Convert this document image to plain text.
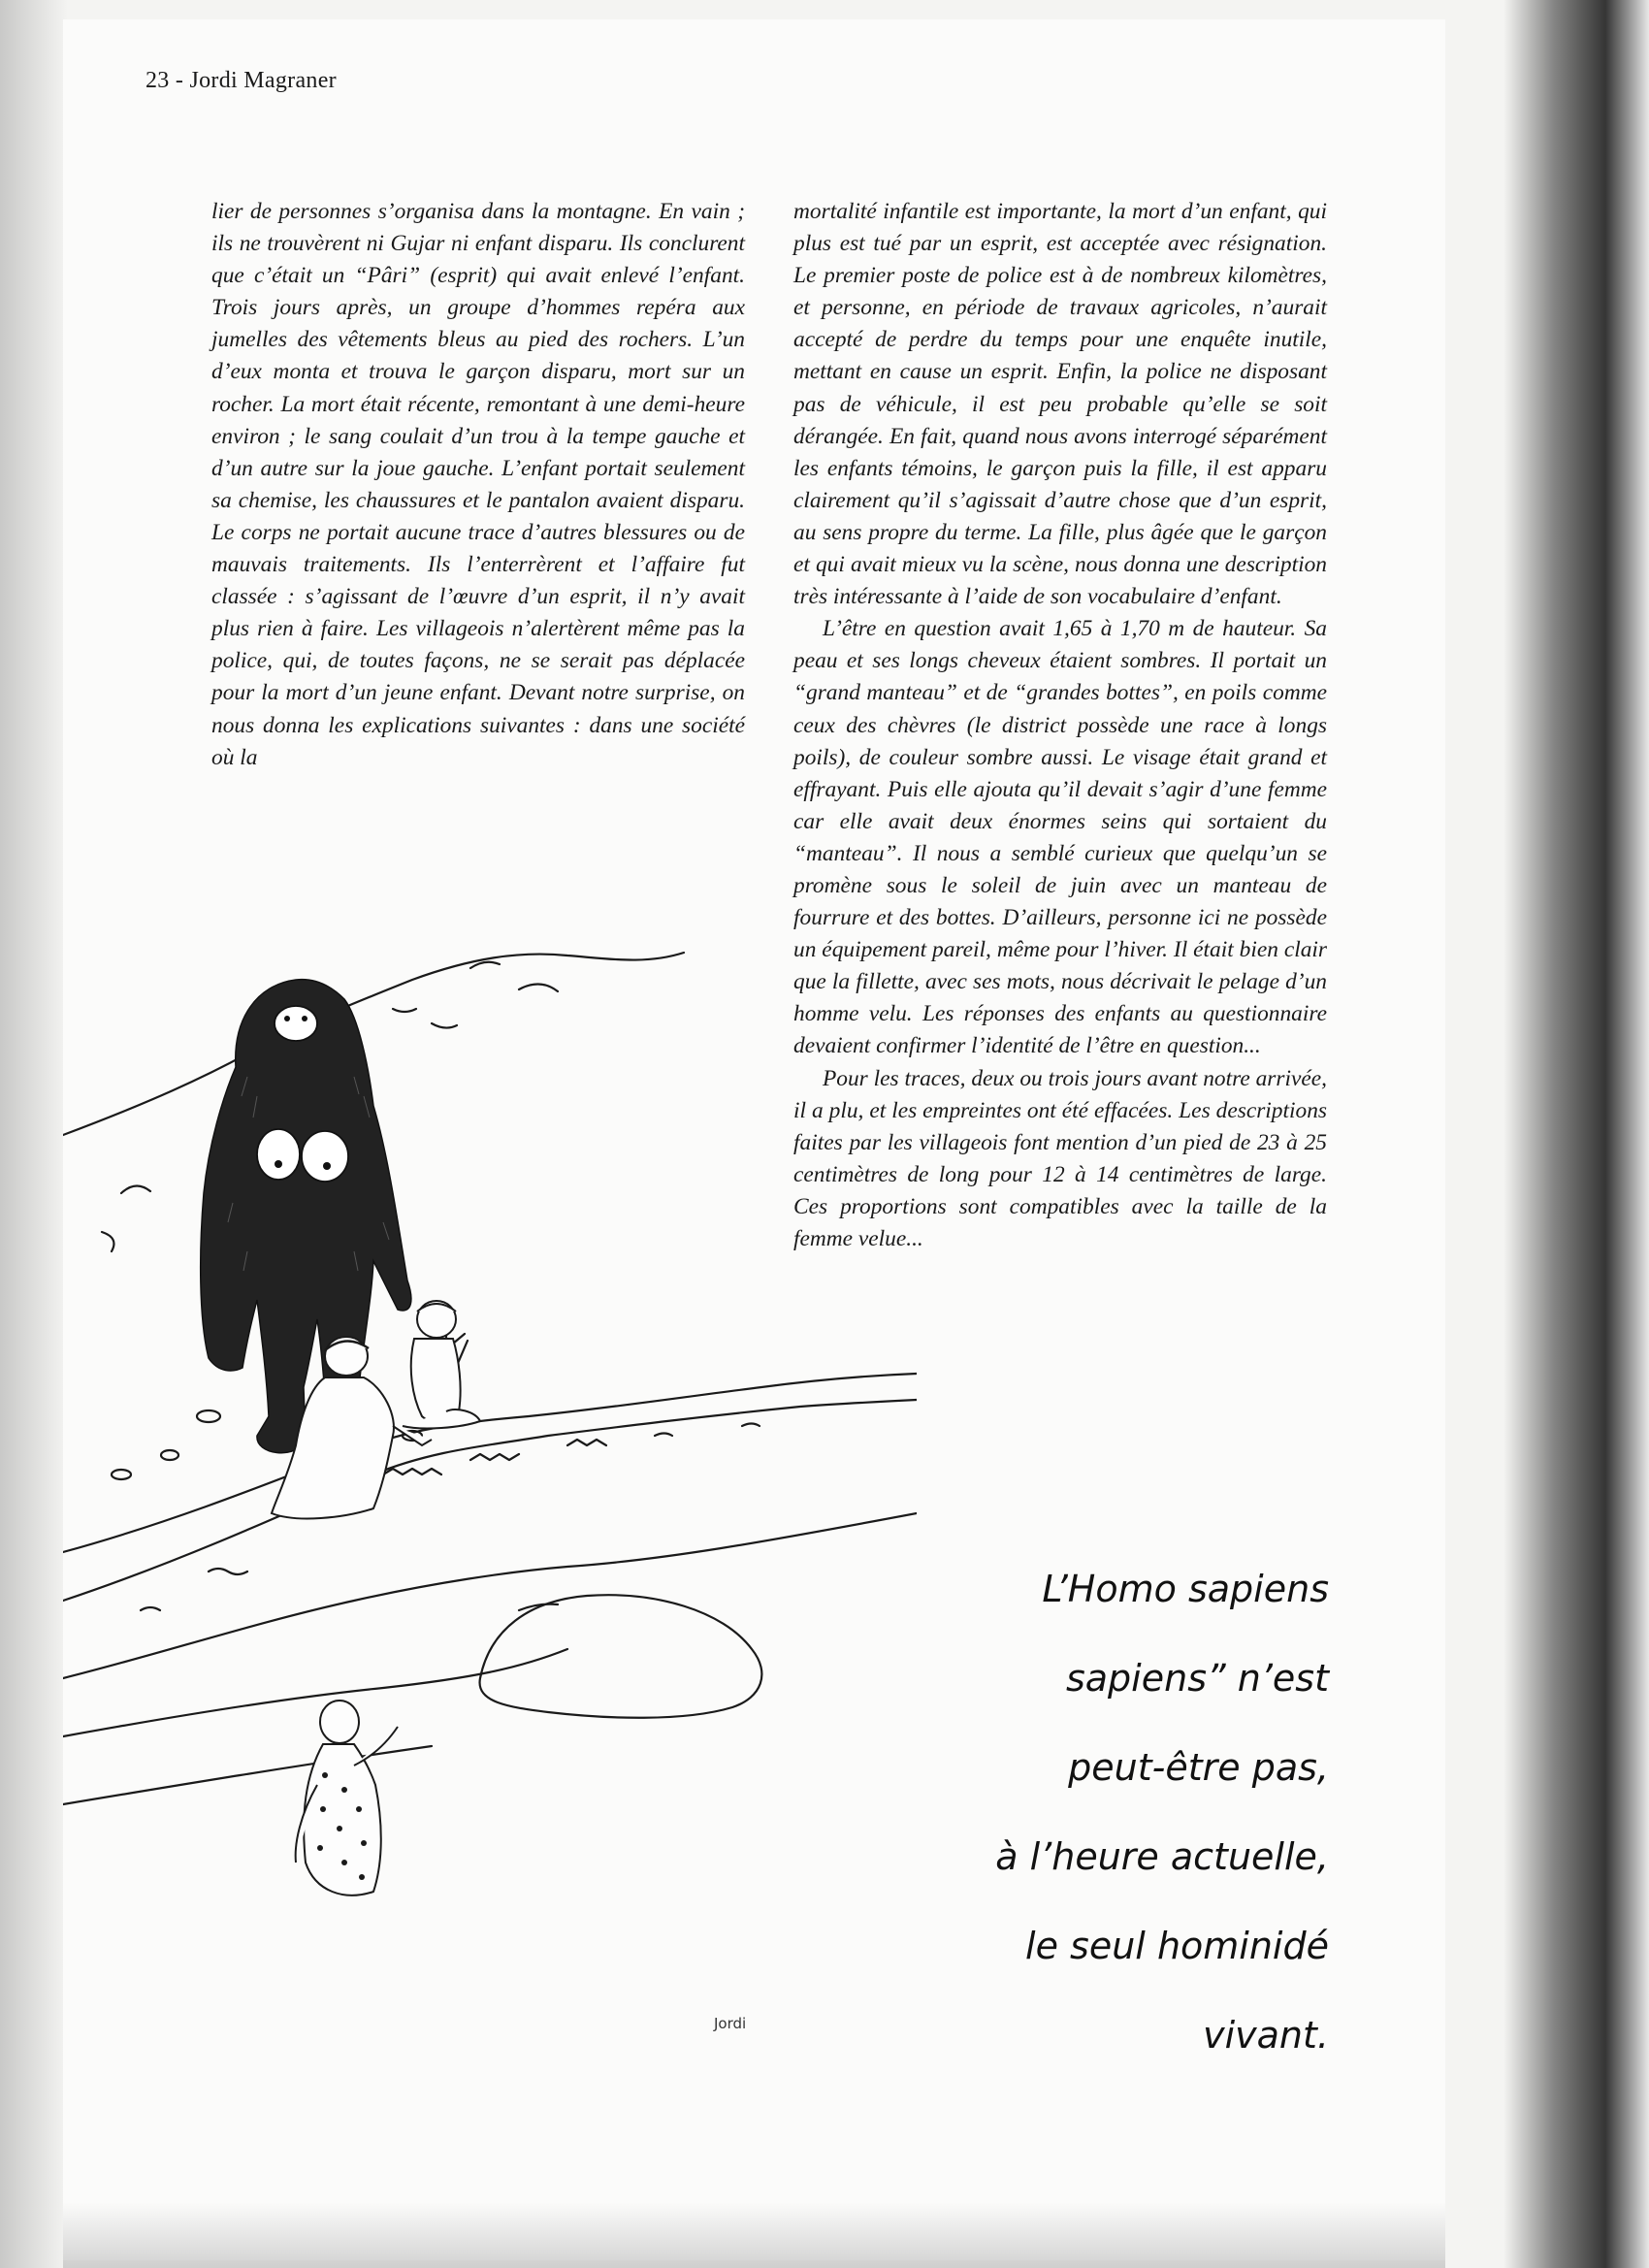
23 - Jordi Magraner

lier de personnes s’organisa dans la montagne. En vain ; ils ne trouvèrent ni Gujar ni enfant disparu. Ils conclurent que c’était un “Pâri” (esprit) qui avait enlevé l’enfant. Trois jours après, un groupe d’hommes repéra aux jumelles des vêtements bleus au pied des rochers. L’un d’eux monta et trouva le garçon disparu, mort sur un rocher. La mort était récente, remontant à une demi-heure environ ; le sang coulait d’un trou à la tempe gauche et d’un autre sur la joue gauche. L’enfant portait seulement sa chemise, les chaussures et le pantalon avaient disparu. Le corps ne portait aucune trace d’autres blessures ou de mauvais traitements. Ils l’enterrèrent et l’affaire fut classée : s’agissant de l’œuvre d’un esprit, il n’y avait plus rien à faire. Les villageois n’alertèrent même pas la police, qui, de toutes façons, ne se serait pas déplacée pour la mort d’un jeune enfant. Devant notre surprise, on nous donna les explications suivantes : dans une société où la

mortalité infantile est importante, la mort d’un enfant, qui plus est tué par un esprit, est acceptée avec résignation. Le premier poste de police est à de nombreux kilomètres, et personne, en période de travaux agricoles, n’aurait accepté de perdre du temps pour une enquête inutile, mettant en cause un esprit. Enfin, la police ne disposant pas de véhicule, il est peu probable qu’elle se soit dérangée. En fait, quand nous avons interrogé séparément les enfants témoins, le garçon puis la fille, il est apparu clairement qu’il s’agissait d’autre chose que d’un esprit, au sens propre du terme. La fille, plus âgée que le garçon et qui avait mieux vu la scène, nous donna une description très intéressante à l’aide de son vocabulaire d’enfant.

L’être en question avait 1,65 à 1,70 m de hauteur. Sa peau et ses longs cheveux étaient sombres. Il portait un “grand manteau” et de “grandes bottes”, en poils comme ceux des chèvres (le district possède une race à longs poils), de couleur sombre aussi. Le visage était grand et effrayant. Puis elle ajouta qu’il devait s’agir d’une femme car elle avait deux énormes seins qui sortaient du “manteau”. Il nous a semblé curieux que quelqu’un se promène sous le soleil de juin avec un manteau de fourrure et des bottes. D’ailleurs, personne ici ne possède un équipement pareil, même pour l’hiver. Il était bien clair que la fillette, avec ses mots, nous décrivait le pelage d’un homme velu. Les réponses des enfants au questionnaire devaient confirmer l’identité de l’être en question...

Pour les traces, deux ou trois jours avant notre arrivée, il a plu, et les empreintes ont été effacées. Les descriptions faites par les villageois font mention d’un pied de 23 à 25 centimètres de long pour 12 à 14 centimètres de large. Ces proportions sont compatibles avec la taille de la femme velue...

Jordi
L’Homo sapiens
sapiens” n’est
peut-être pas,
à l’heure actuelle,
le seul hominidé
vivant.
